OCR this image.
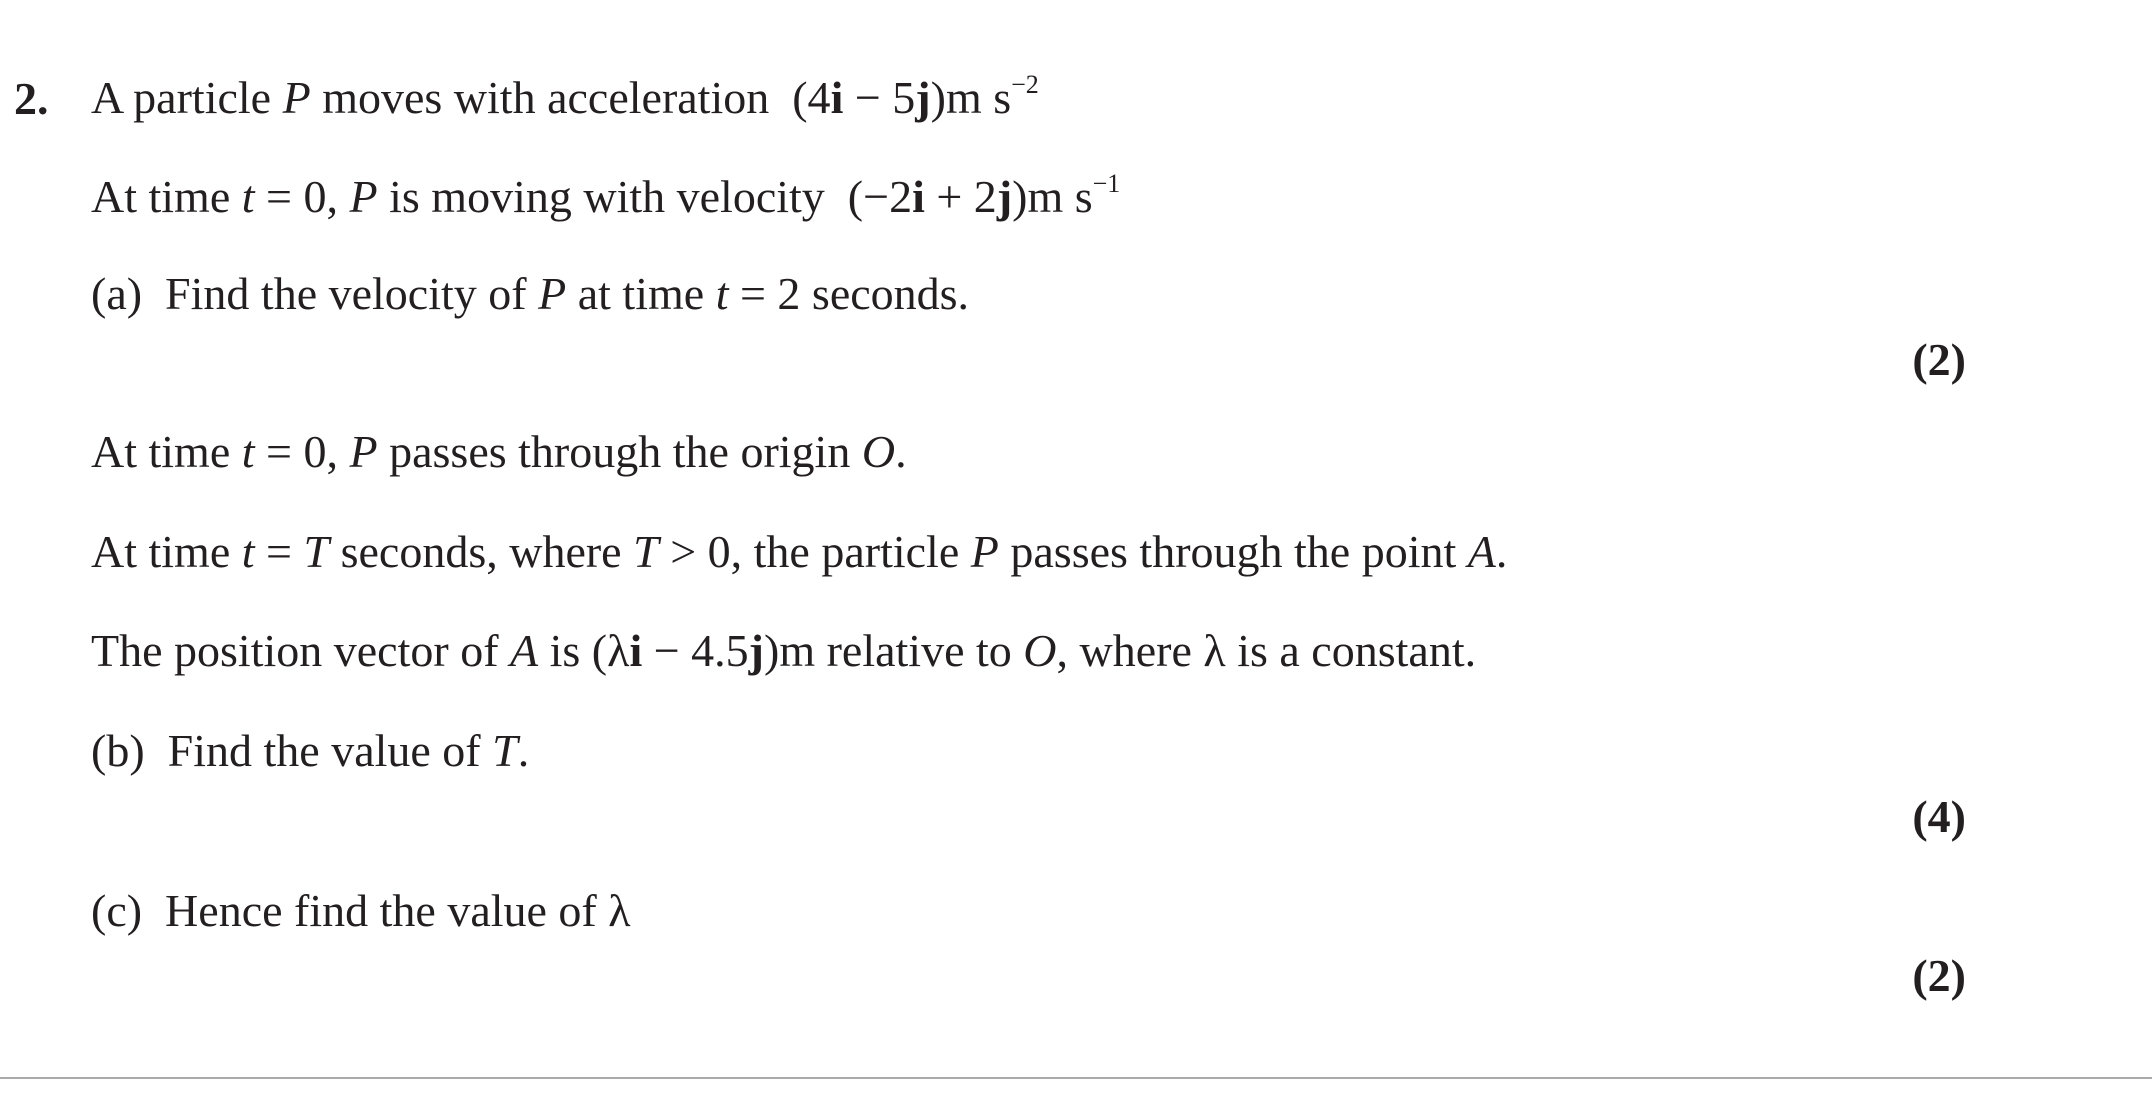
2. A particle P moves with acceleration  (4i − 5j)m $s^{-2}$
At time t = 0, P is moving with velocity  (−2i + 2j)m $s^{-1}$
(a)  Find the velocity of P at time t = 2 seconds.
(2)
At time t = 0, P passes through the origin O.
At time t = T seconds, where T > 0, the particle P passes through the point A.
The position vector of A is (λi − 4.5j)m relative to O, where λ is a constant.
(b)  Find the value of T.
(4)
(c)  Hence find the value of λ
(2)
